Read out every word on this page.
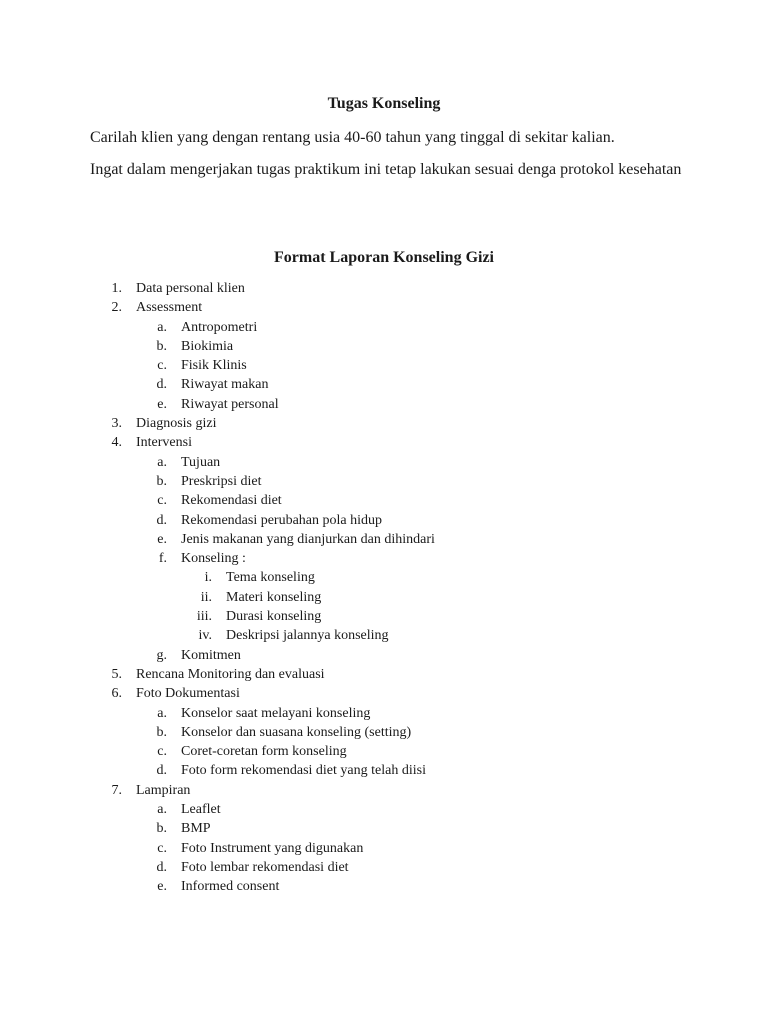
Tugas Konseling
Carilah klien yang dengan rentang usia 40-60 tahun yang tinggal di sekitar kalian.
Ingat dalam mengerjakan tugas praktikum ini tetap lakukan sesuai denga protokol kesehatan
Format Laporan Konseling Gizi
1. Data personal klien
2. Assessment
a. Antropometri
b. Biokimia
c. Fisik Klinis
d. Riwayat makan
e. Riwayat personal
3. Diagnosis gizi
4. Intervensi
a. Tujuan
b. Preskripsi diet
c. Rekomendasi diet
d. Rekomendasi perubahan pola hidup
e. Jenis makanan yang dianjurkan dan dihindari
f. Konseling :
i. Tema konseling
ii. Materi konseling
iii. Durasi konseling
iv. Deskripsi jalannya konseling
g. Komitmen
5. Rencana Monitoring dan evaluasi
6. Foto Dokumentasi
a. Konselor saat melayani konseling
b. Konselor dan suasana konseling (setting)
c. Coret-coretan form konseling
d. Foto form rekomendasi diet yang telah diisi
7. Lampiran
a. Leaflet
b. BMP
c. Foto Instrument yang digunakan
d. Foto lembar rekomendasi diet
e. Informed consent
